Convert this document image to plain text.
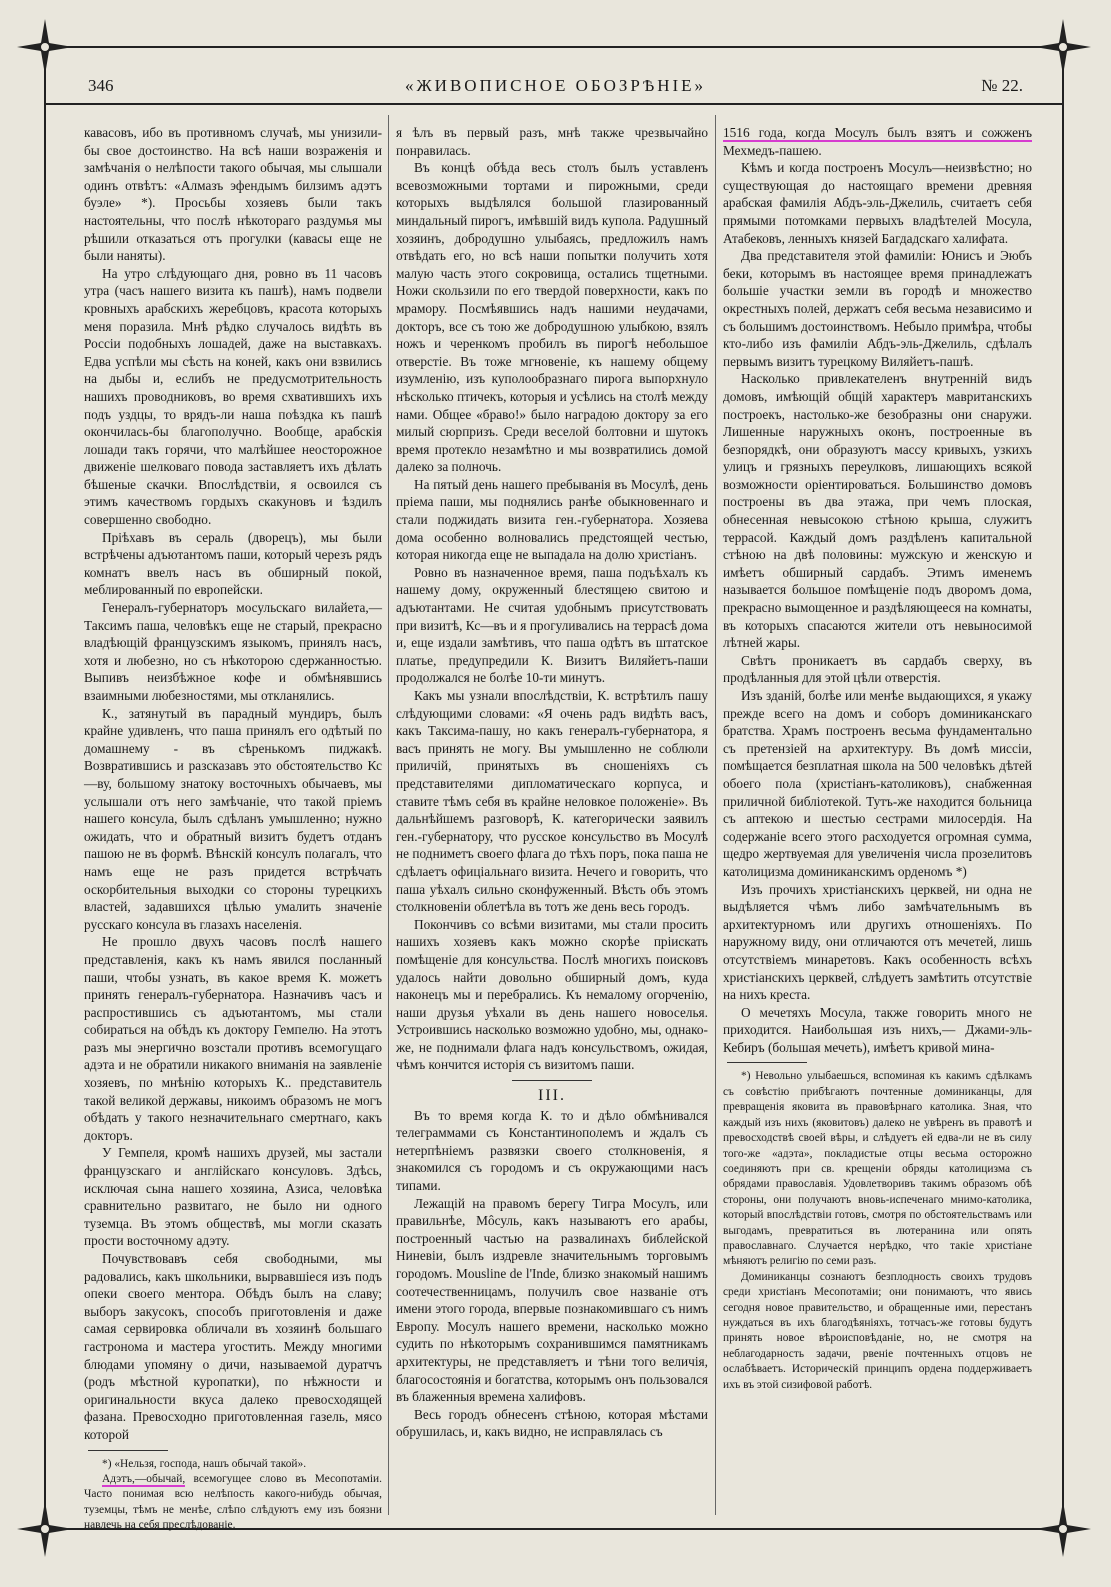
346	«ЖИВОПИСНОЕ ОБОЗРѢНІЕ»	№ 22.

кавасовъ, ибо въ противномъ случаѣ, мы унизили-бы свое достоинство. На всѣ наши возраженія и замѣчанія о нелѣпости такого обычая, мы слышали одинъ отвѣтъ: «Алмазъ эфендымъ билзимъ адэтъ буэле» *). Просьбы хозяевъ были такъ настоятельны, что послѣ нѣкотораго раздумья мы рѣшили отказаться отъ прогулки (кавасы еще не были наняты).

На утро слѣдующаго дня, ровно въ 11 часовъ утра (часъ нашего визита къ пашѣ), намъ подвели кровныхъ арабскихъ жеребцовъ, красота которыхъ меня поразила. Мнѣ рѣдко случалось видѣть въ Россіи подобныхъ лошадей, даже на выставкахъ. Едва успѣли мы сѣсть на коней, какъ они взвились на дыбы и, еслибъ не предусмотрительность нашихъ проводниковъ, во время схватившихъ ихъ подъ уздцы, то врядъ-ли наша поѣздка къ пашѣ окончилась-бы благополучно. Вообще, арабскія лошади такъ горячи, что малѣйшее неосторожное движеніе шелковаго повода заставляетъ ихъ дѣлать бѣшеные скачки. Впослѣдствіи, я освоился съ этимъ качествомъ гордыхъ скакуновъ и ѣздилъ совершенно свободно.

Пріѣхавъ въ сераль (дворецъ), мы были встрѣчены адъютантомъ паши, который черезъ рядъ комнатъ ввелъ насъ въ обширный покой, меблированный по европейски.

Генералъ-губернаторъ мосульскаго вилайета,— Таксимъ паша, человѣкъ еще не старый, прекрасно владѣющій французскимъ языкомъ, принялъ насъ, хотя и любезно, но съ нѣкоторою сдержанностью. Выпивъ неизбѣжное кофе и обмѣнявшись взаимными любезностями, мы откланялись.

К., затянутый въ парадный мундиръ, былъ крайне удивленъ, что паша принялъ его одѣтый по домашнему - въ сѣренькомъ пиджакѣ. Возвратившись и разсказавъ это обстоятельство Кс—ву, большому знатоку восточныхъ обычаевъ, мы услышали отъ него замѣчаніе, что такой пріемъ нашего консула, былъ сдѣланъ умышленно; нужно ожидать, что и обратный визитъ будетъ отданъ пашою не въ формѣ. Вѣнскій консулъ полагалъ, что намъ еще не разъ придется встрѣчать оскорбительныя выходки со стороны турецкихъ властей, задавшихся цѣлью умалить значеніе русскаго консула въ глазахъ населенія.

Не прошло двухъ часовъ послѣ нашего представленія, какъ къ намъ явился посланный паши, чтобы узнать, въ какое время К. можетъ принять генералъ-губернатора. Назначивъ часъ и распростившись съ адъютантомъ, мы стали собираться на обѣдъ къ доктору Гемпелю. На этотъ разъ мы энергично возстали противъ всемогущаго адэта и не обратили никакого вниманія на заявленіе хозяевъ, по мнѣнію которыхъ К.. представитель такой великой державы, никоимъ образомъ не могъ обѣдать у такого незначительнаго смертнаго, какъ докторъ.

У Гемпеля, кромѣ нашихъ друзей, мы застали французскаго и англійскаго консуловъ. Здѣсь, исключая сына нашего хозяина, Азиса, человѣка сравнительно развитаго, не было ни одного туземца. Въ этомъ обществѣ, мы могли сказать прости восточному адэту.

Почувствовавъ себя свободными, мы радовались, какъ школьники, вырвавшіеся изъ подъ опеки своего ментора. Обѣдъ былъ на славу; выборъ закусокъ, способъ приготовленія и даже самая сервировка обличали въ хозяинѣ большаго гастронома и мастера угостить. Между многими блюдами упомяну о дичи, называемой дуратчъ (родъ мѣстной куропатки), по нѣжности и оригинальности вкуса далеко превосходящей фазана. Превосходно приготовленная газель, мясо которой

*) «Нельзя, господа, нашъ обычай такой».

Адэтъ,—обычай, всемогущее слово въ Месопотаміи. Часто понимая всю нелѣпость какого-нибудь обычая, туземцы, тѣмъ не менѣе, слѣпо слѣдуютъ ему изъ боязни навлечь на себя преслѣдованіе.

я ѣлъ въ первый разъ, мнѣ также чрезвычайно понравилась.

Въ концѣ обѣда весь столъ былъ уставленъ всевозможными тортами и пирожными, среди которыхъ выдѣлялся большой глазированный миндальный пирогъ, имѣвшій видъ купола. Радушный хозяинъ, добродушно улыбаясь, предложилъ намъ отвѣдать его, но всѣ наши попытки получить хотя малую часть этого сокровища, остались тщетными. Ножи скользили по его твердой поверхности, какъ по мрамору. Посмѣявшись надъ нашими неудачами, докторъ, все съ тою же добродушною улыбкою, взялъ ножъ и черенкомъ пробилъ въ пирогѣ небольшое отверстіе. Въ тоже мгновеніе, къ нашему общему изумленію, изъ куполообразнаго пирога выпорхнуло нѣсколько птичекъ, которыя и усѣлись на столѣ между нами. Общее «браво!» было наградою доктору за его милый сюрпризъ. Среди веселой болтовни и шутокъ время протекло незамѣтно и мы возвратились домой далеко за полночь.

На пятый день нашего пребыванія въ Мосулѣ, день пріема паши, мы поднялись ранѣе обыкновеннаго и стали поджидать визита ген.-губернатора. Хозяева дома особенно волновались предстоящей честью, которая никогда еще не выпадала на долю христіанъ.

Ровно въ назначенное время, паша подъѣхалъ къ нашему дому, окруженный блестящею свитою и адъютантами. Не считая удобнымъ присутствовать при визитѣ, Кс—въ и я прогуливались на террасѣ дома и, еще издали замѣтивъ, что паша одѣтъ въ штатское платье, предупредили К. Визитъ Виляйетъ-паши продолжался не болѣе 10-ти минутъ.

Какъ мы узнали впослѣдствіи, К. встрѣтилъ пашу слѣдующими словами: «Я очень радъ видѣть васъ, какъ Таксима-пашу, но какъ генералъ-губернатора, я васъ принять не могу. Вы умышленно не соблюли приличій, принятыхъ въ сношеніяхъ съ представителями дипломатическаго корпуса, и ставите тѣмъ себя въ крайне неловкое положеніе». Въ дальнѣйшемъ разговорѣ, К. категорически заявилъ ген.-губернатору, что русское консульство въ Мосулѣ не подниметъ своего флага до тѣхъ поръ, пока паша не сдѣлаетъ офиціальнаго визита. Нечего и говорить, что паша уѣхалъ сильно сконфуженный. Вѣсть объ этомъ столкновеніи облетѣла въ тотъ же день весь городъ.

Покончивъ со всѣми визитами, мы стали просить нашихъ хозяевъ какъ можно скорѣе пріискать помѣщеніе для консульства. Послѣ многихъ поисковъ удалось найти довольно обширный домъ, куда наконецъ мы и перебрались. Къ немалому огорченію, наши друзья уѣхали въ день нашего новоселья. Устроившись насколько возможно удобно, мы, однако-же, не поднимали флага надъ консульствомъ, ожидая, чѣмъ кончится исторія съ визитомъ паши.

III.

Въ то время когда К. то и дѣло обмѣнивался телеграммами съ Константинополемъ и ждалъ съ нетерпѣніемъ развязки своего столкновенія, я знакомился съ городомъ и съ окружающими насъ типами.

Лежащій на правомъ берегу Тигра Мосулъ, или правильнѣе, Мôсуль, какъ называютъ его арабы, построенный частью на развалинахъ библейской Ниневіи, былъ издревле значительнымъ торговымъ городомъ. Mousline de l'Inde, близко знакомый нашимъ соотечественницамъ, получилъ свое названіе отъ имени этого города, впервые познакомившаго съ нимъ Европу. Мосулъ нашего времени, насколько можно судить по нѣкоторымъ сохранившимся памятникамъ архитектуры, не представляетъ и тѣни того величія, благосостоянія и богатства, которымъ онъ пользовался въ блаженныя времена халифовъ.

Весь городъ обнесенъ стѣною, которая мѣстами обрушилась, и, какъ видно, не исправлялась съ

1516 года, когда Мосулъ былъ взятъ и сожженъ Мехмедъ-пашею.

Кѣмъ и когда построенъ Мосулъ—неизвѣстно; но существующая до настоящаго времени древняя арабская фамилія Абдъ-эль-Джелиль, считаетъ себя прямыми потомками первыхъ владѣтелей Мосула, Атабековъ, ленныхъ князей Багдадскаго халифата.

Два представителя этой фамиліи: Юнисъ и Эюбъ беки, которымъ въ настоящее время принадлежатъ большіе участки земли въ городѣ и множество окрестныхъ полей, держатъ себя весьма независимо и съ большимъ достоинствомъ. Небыло примѣра, чтобы кто-либо изъ фамиліи Абдъ-эль-Джелиль, сдѣлалъ первымъ визитъ турецкому Виляйетъ-пашѣ.

Насколько привлекателенъ внутренній видъ домовъ, имѣющій общій характеръ мавританскихъ построекъ, настолько-же безобразны они снаружи. Лишенные наружныхъ оконъ, построенные въ безпорядкѣ, они образуютъ массу кривыхъ, узкихъ улицъ и грязныхъ переулковъ, лишающихъ всякой возможности оріентироваться. Большинство домовъ построены въ два этажа, при чемъ плоская, обнесенная невысокою стѣною крыша, служитъ террасой. Каждый домъ раздѣленъ капитальной стѣною на двѣ половины: мужскую и женскую и имѣетъ обширный сардабъ. Этимъ именемъ называется большое помѣщеніе подъ дворомъ дома, прекрасно вымощенное и раздѣляющееся на комнаты, въ которыхъ спасаются жители отъ невыносимой лѣтней жары.

Свѣтъ проникаетъ въ сардабъ сверху, въ продѣланныя для этой цѣли отверстія.

Изъ зданій, болѣе или менѣе выдающихся, я укажу прежде всего на домъ и соборъ доминиканскаго братства. Храмъ построенъ весьма фундаментально съ претензіей на архитектуру. Въ домѣ миссіи, помѣщается безплатная школа на 500 человѣкъ дѣтей обоего пола (христіанъ-католиковъ), снабженная приличной библіотекой. Тутъ-же находится больница съ аптекою и шестью сестрами милосердія. На содержаніе всего этого расходуется огромная сумма, щедро жертвуемая для увеличенія числа прозелитовъ католицизма доминиканскимъ орденомъ *)

Изъ прочихъ христіанскихъ церквей, ни одна не выдѣляется чѣмъ либо замѣчательнымъ въ архитектурномъ или другихъ отношеніяхъ. По наружному виду, они отличаются отъ мечетей, лишь отсутствіемъ минаретовъ. Какъ особенность всѣхъ христіанскихъ церквей, слѣдуетъ замѣтить отсутствіе на нихъ креста.

О мечетяхъ Мосула, также говорить много не приходится. Наибольшая изъ нихъ,— Джами-эль-Кебиръ (большая мечеть), имѣетъ кривой мина-

*) Невольно улыбаешься, вспоминая къ какимъ сдѣлкамъ съ совѣстію прибѣгаютъ почтенные доминиканцы, для превращенія яковита въ правовѣрнаго католика. Зная, что каждый изъ нихъ (яковитовъ) далеко не увѣренъ въ правотѣ и превосходствѣ своей вѣры, и слѣдуетъ ей едва-ли не въ силу того-же «адэта», покладистые отцы весьма осторожно соединяютъ при св. крещеніи обряды католицизма съ обрядами православія. Удовлетворивъ такимъ образомъ обѣ стороны, они получаютъ вновь-испеченаго мнимо-католика, который впослѣдствіи готовъ, смотря по обстоятельствамъ или выгодамъ, превратиться въ лютеранина или опять православнаго. Случается нерѣдко, что такіе христіане мѣняютъ религію по семи разъ.

Доминиканцы сознаютъ безплодность своихъ трудовъ среди христіанъ Месопотаміи; они понимаютъ, что явись сегодня новое правительство, и обращенные ими, перестанъ нуждаться въ ихъ благодѣяніяхъ, тотчасъ-же готовы будутъ принять новое вѣроисповѣданіе, но, не смотря на неблагодарность задачи, рвеніе почтенныхъ отцовъ не ослабѣваетъ. Историческій принципъ ордена поддерживаетъ ихъ въ этой сизифовой работѣ.
